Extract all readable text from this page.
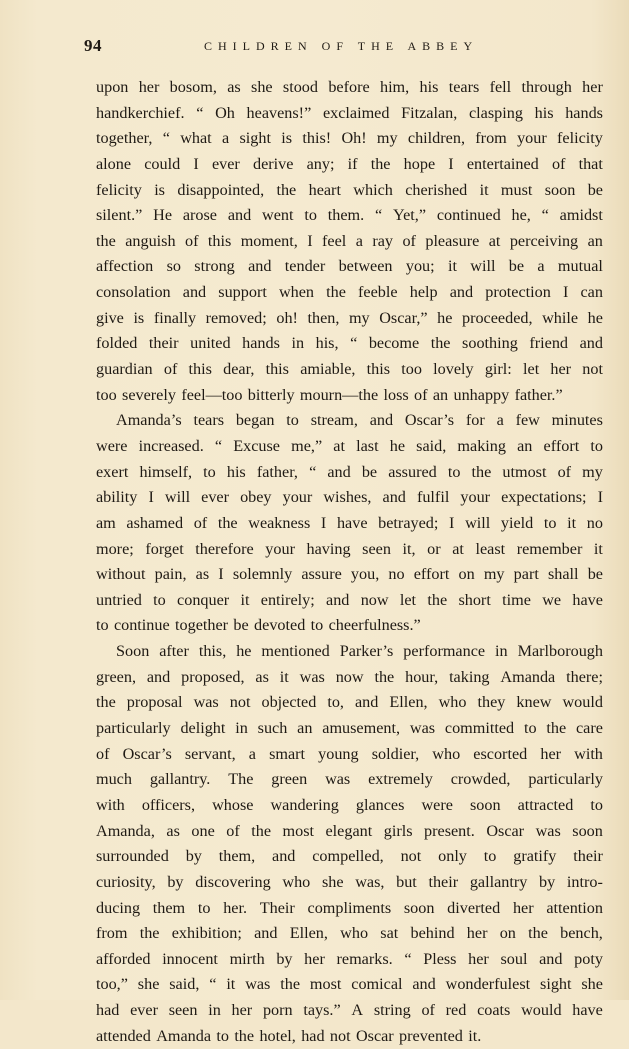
94	CHILDREN OF THE ABBEY
upon her bosom, as she stood before him, his tears fell through her
handkerchief. “ Oh heavens!” exclaimed Fitzalan, clasping his hands
together, “ what a sight is this! Oh! my children, from your felicity
alone could I ever derive any; if the hope I entertained of that
felicity is disappointed, the heart which cherished it must soon be
silent.” He arose and went to them. “ Yet,” continued he, “ amidst
the anguish of this moment, I feel a ray of pleasure at perceiving an
affection so strong and tender between you; it will be a mutual
consolation and support when the feeble help and protection I can
give is finally removed; oh! then, my Oscar,” he proceeded, while he
folded their united hands in his, “ become the soothing friend and
guardian of this dear, this amiable, this too lovely girl: let her not
too severely feel—too bitterly mourn—the loss of an unhappy father.”
Amanda’s tears began to stream, and Oscar’s for a few minutes
were increased. “ Excuse me,” at last he said, making an effort to
exert himself, to his father, “ and be assured to the utmost of my
ability I will ever obey your wishes, and fulfil your expectations; I
am ashamed of the weakness I have betrayed; I will yield to it no
more; forget therefore your having seen it, or at least remember it
without pain, as I solemnly assure you, no effort on my part shall be
untried to conquer it entirely; and now let the short time we have
to continue together be devoted to cheerfulness.”
Soon after this, he mentioned Parker’s performance in Marlborough
green, and proposed, as it was now the hour, taking Amanda there;
the proposal was not objected to, and Ellen, who they knew would
particularly delight in such an amusement, was committed to the care
of Oscar’s servant, a smart young soldier, who escorted her with
much gallantry. The green was extremely crowded, particularly
with officers, whose wandering glances were soon attracted to
Amanda, as one of the most elegant girls present. Oscar was soon
surrounded by them, and compelled, not only to gratify their
curiosity, by discovering who she was, but their gallantry by intro-
ducing them to her. Their compliments soon diverted her attention
from the exhibition; and Ellen, who sat behind her on the bench,
afforded innocent mirth by her remarks. “ Pless her soul and poty
too,” she said, “ it was the most comical and wonderfulest sight she
had ever seen in her porn tays.” A string of red coats would have
attended Amanda to the hotel, had not Oscar prevented it.
